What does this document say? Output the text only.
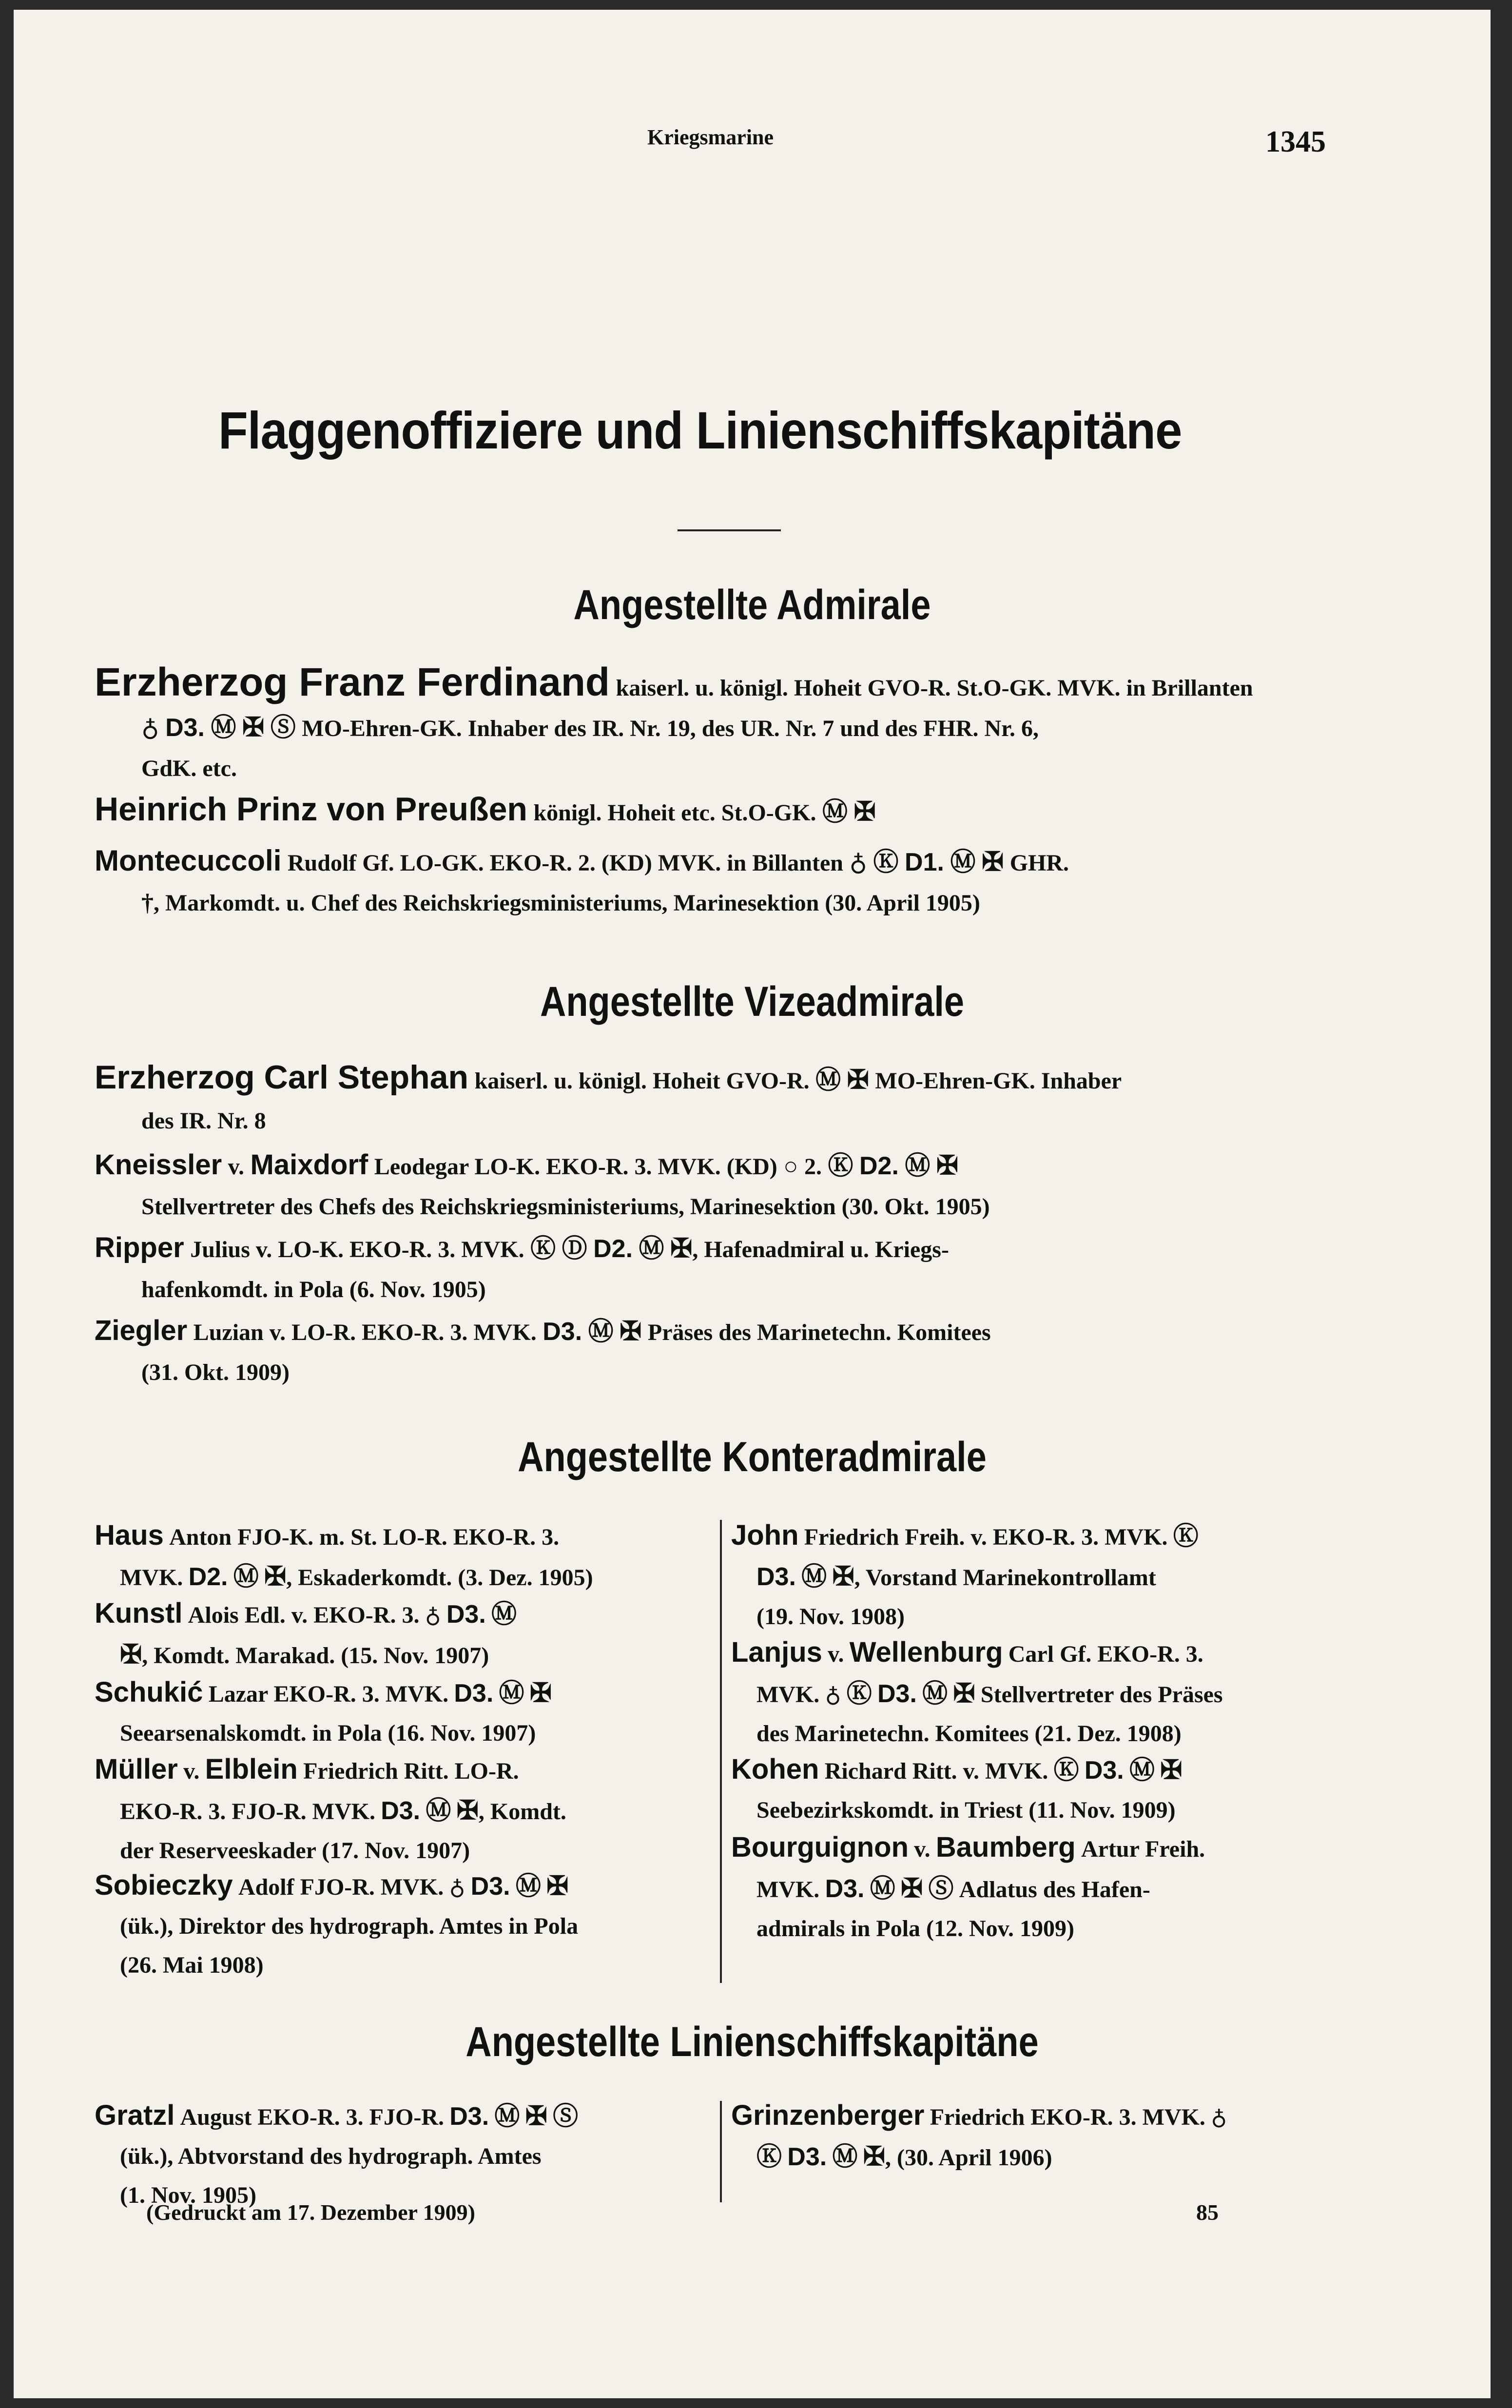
Kriegsmarine	1345
Flaggenoffiziere und Linienschiffskapitäne
Angestellte Admirale
Erzherzog Franz Ferdinand kaiserl. u. königl. Hoheit GVO-R. St.O-GK. MVK. in Brillanten
♁ D3. Ⓜ ✠ Ⓢ MO-Ehren-GK. Inhaber des IR. Nr. 19, des UR. Nr. 7 und des FHR. Nr. 6,
GdK. etc.
Heinrich Prinz von Preußen königl. Hoheit etc. St.O-GK. Ⓜ ✠
Montecuccoli Rudolf Gf. LO-GK. EKO-R. 2. (KD) MVK. in Billanten ♁ Ⓚ D1. Ⓜ ✠ GHR.
†, Markomdt. u. Chef des Reichskriegsministeriums, Marinesektion (30. April 1905)
Angestellte Vizeadmirale
Erzherzog Carl Stephan kaiserl. u. königl. Hoheit GVO-R. Ⓜ ✠ MO-Ehren-GK. Inhaber
des IR. Nr. 8
Kneissler v. Maixdorf Leodegar LO-K. EKO-R. 3. MVK. (KD) ○ 2. Ⓚ D2. Ⓜ ✠
Stellvertreter des Chefs des Reichskriegsministeriums, Marinesektion (30. Okt. 1905)
Ripper Julius v. LO-K. EKO-R. 3. MVK. Ⓚ Ⓓ D2. Ⓜ ✠, Hafenadmiral u. Kriegs-
hafenkomdt. in Pola (6. Nov. 1905)
Ziegler Luzian v. LO-R. EKO-R. 3. MVK. D3. Ⓜ ✠ Präses des Marinetechn. Komitees
(31. Okt. 1909)
Angestellte Konteradmirale
Haus Anton FJO-K. m. St. LO-R. EKO-R. 3.
MVK. D2. Ⓜ ✠, Eskaderkomdt. (3. Dez. 1905)
Kunstl Alois Edl. v. EKO-R. 3. ♁ D3. Ⓜ
✠, Komdt. Marakad. (15. Nov. 1907)
Schukić Lazar EKO-R. 3. MVK. D3. Ⓜ ✠
Seearsenalskomdt. in Pola (16. Nov. 1907)
Müller v. Elblein Friedrich Ritt. LO-R.
EKO-R. 3. FJO-R. MVK. D3. Ⓜ ✠, Komdt.
der Reserveeskader (17. Nov. 1907)
Sobieczky Adolf FJO-R. MVK. ♁ D3. Ⓜ ✠
(ük.), Direktor des hydrograph. Amtes in Pola
(26. Mai 1908)
John Friedrich Freih. v. EKO-R. 3. MVK. Ⓚ
D3. Ⓜ ✠, Vorstand Marinekontrollamt
(19. Nov. 1908)
Lanjus v. Wellenburg Carl Gf. EKO-R. 3.
MVK. ♁ Ⓚ D3. Ⓜ ✠ Stellvertreter des Präses
des Marinetechn. Komitees (21. Dez. 1908)
Kohen Richard Ritt. v. MVK. Ⓚ D3. Ⓜ ✠
Seebezirkskomdt. in Triest (11. Nov. 1909)
Bourguignon v. Baumberg Artur Freih.
MVK. D3. Ⓜ ✠ Ⓢ Adlatus des Hafen-
admirals in Pola (12. Nov. 1909)
Angestellte Linienschiffskapitäne
Gratzl August EKO-R. 3. FJO-R. D3. Ⓜ ✠ Ⓢ
(ük.), Abtvorstand des hydrograph. Amtes
(1. Nov. 1905)
Grinzenberger Friedrich EKO-R. 3. MVK. ♁
Ⓚ D3. Ⓜ ✠, (30. April 1906)
(Gedruckt am 17. Dezember 1909)	85
